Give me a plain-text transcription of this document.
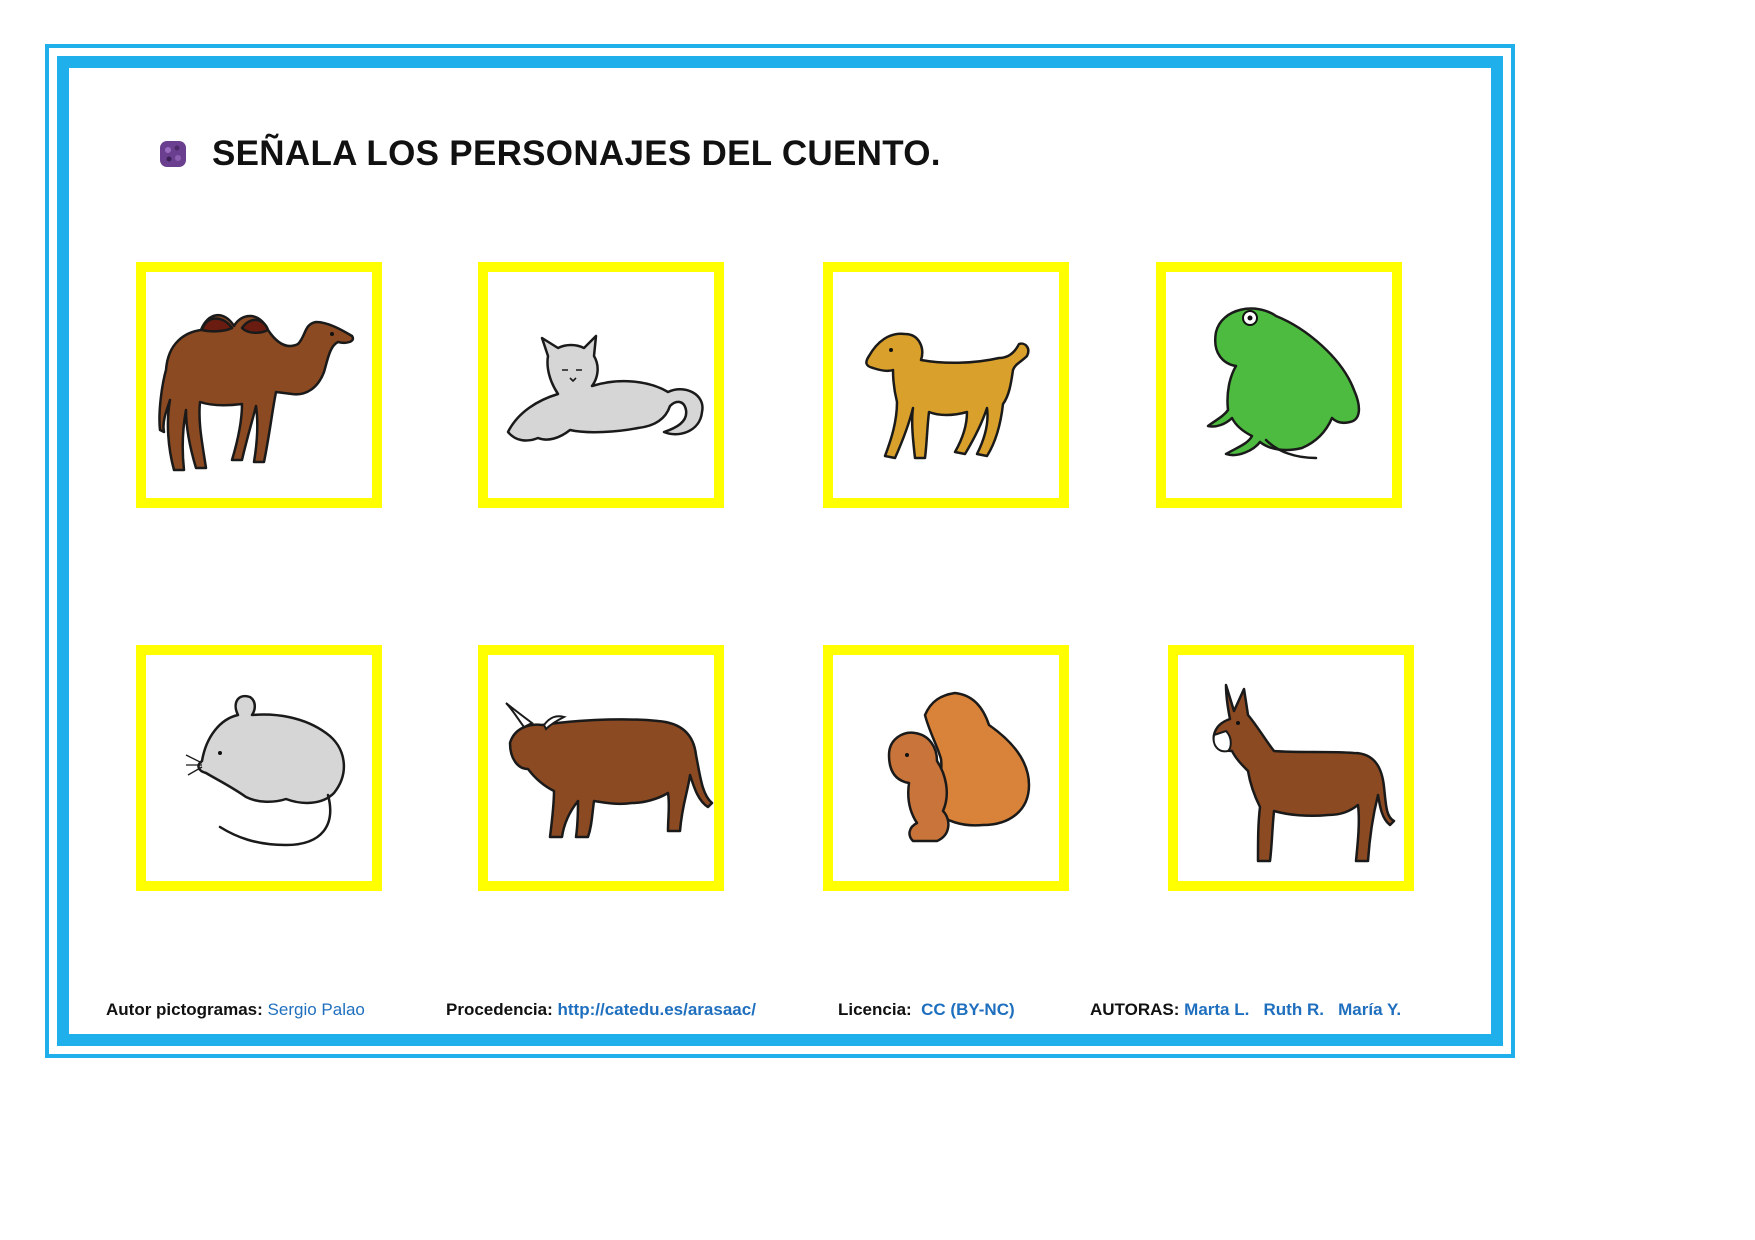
SEÑALA LOS PERSONAJES DEL CUENTO.
Autor pictogramas: Sergio Palao	Procedencia: http://catedu.es/arasaac/	Licencia: CC (BY-NC)	AUTORAS: Marta L. Ruth R. María Y.
